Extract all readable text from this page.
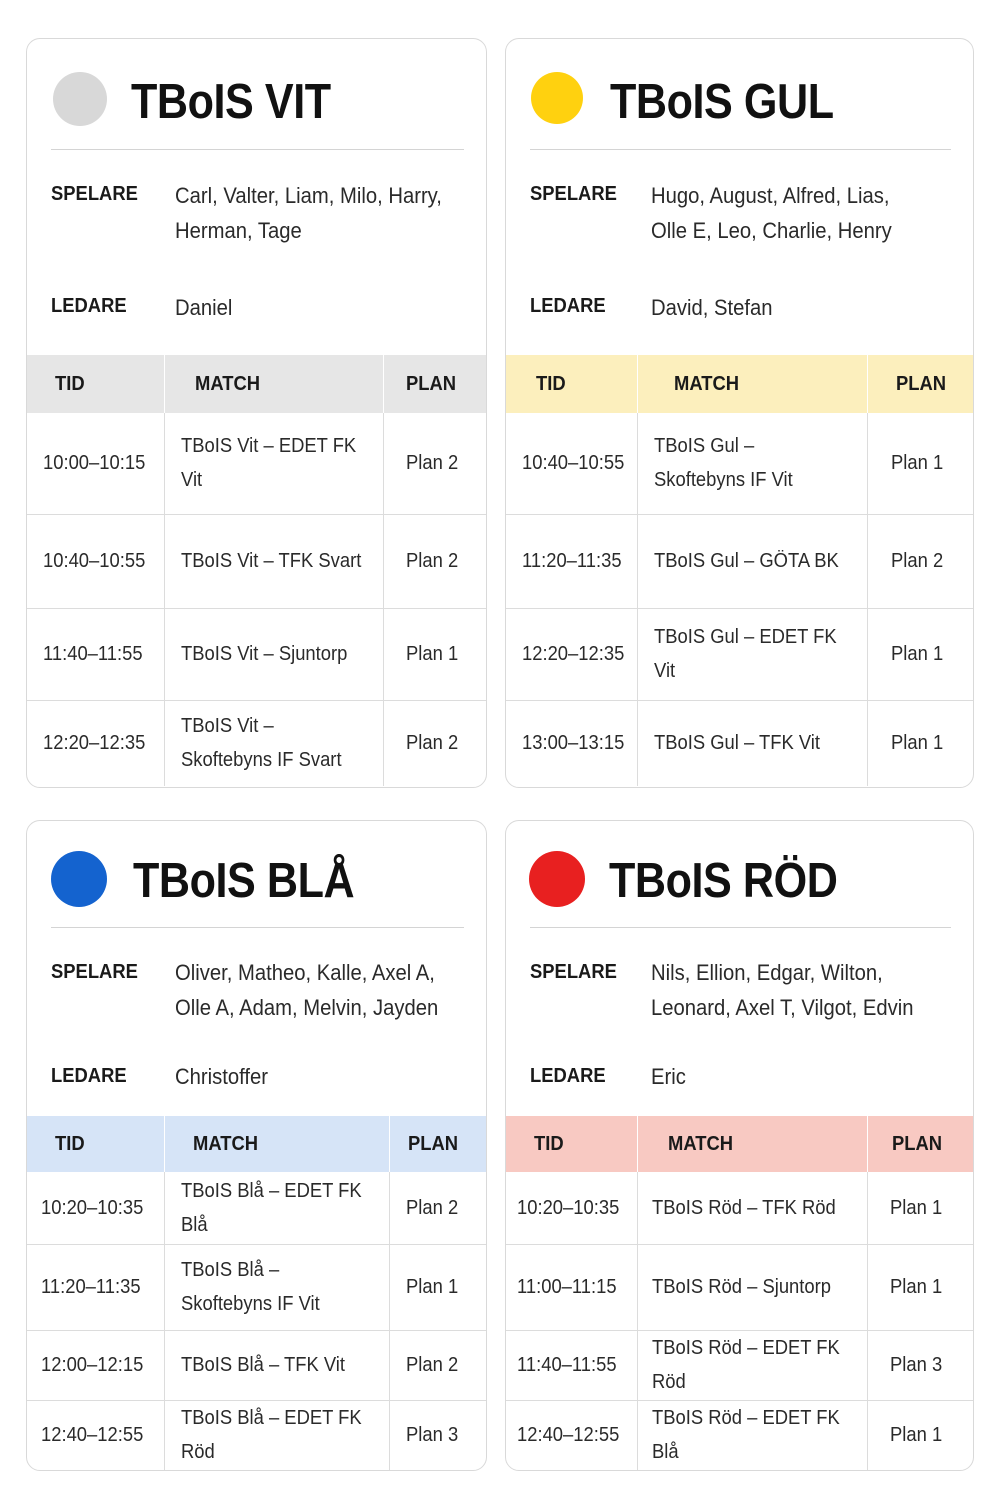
TBoIS VIT
SPELARE Carl, Valter, Liam, Milo, Harry, Herman, Tage
LEDARE Daniel
TID	MATCH	PLAN
10:00–10:15	TBoIS Vit – EDET FK Vit	Plan 2
10:40–10:55	TBoIS Vit – TFK Svart	Plan 2
11:40–11:55	TBoIS Vit – Sjuntorp	Plan 1
12:20–12:35	TBoIS Vit –
Skoftebyns IF Svart	Plan 2
TBoIS GUL
SPELARE Hugo, August, Alfred, Lias, Olle E, Leo, Charlie, Henry
LEDARE David, Stefan
TID	MATCH	PLAN
10:40–10:55	TBoIS Gul –
Skoftebyns IF Vit	Plan 1
11:20–11:35	TBoIS Gul – GÖTA BK	Plan 2
12:20–12:35	TBoIS Gul – EDET FK Vit	Plan 1
13:00–13:15	TBoIS Gul – TFK Vit	Plan 1
TBoIS BLÅ
SPELARE Oliver, Matheo, Kalle, Axel A, Olle A, Adam, Melvin, Jayden
LEDARE Christoffer
TID	MATCH	PLAN
10:20–10:35	TBoIS Blå – EDET FK Blå	Plan 2
11:20–11:35	TBoIS Blå –
Skoftebyns IF Vit	Plan 1
12:00–12:15	TBoIS Blå – TFK Vit	Plan 2
12:40–12:55	TBoIS Blå – EDET FK Röd	Plan 3
TBoIS RÖD
SPELARE Nils, Ellion, Edgar, Wilton, Leonard, Axel T, Vilgot, Edvin
LEDARE Eric
TID	MATCH	PLAN
10:20–10:35	TBoIS Röd – TFK Röd	Plan 1
11:00–11:15	TBoIS Röd – Sjuntorp	Plan 1
11:40–11:55	TBoIS Röd – EDET FK Röd	Plan 3
12:40–12:55	TBoIS Röd – EDET FK Blå	Plan 1
